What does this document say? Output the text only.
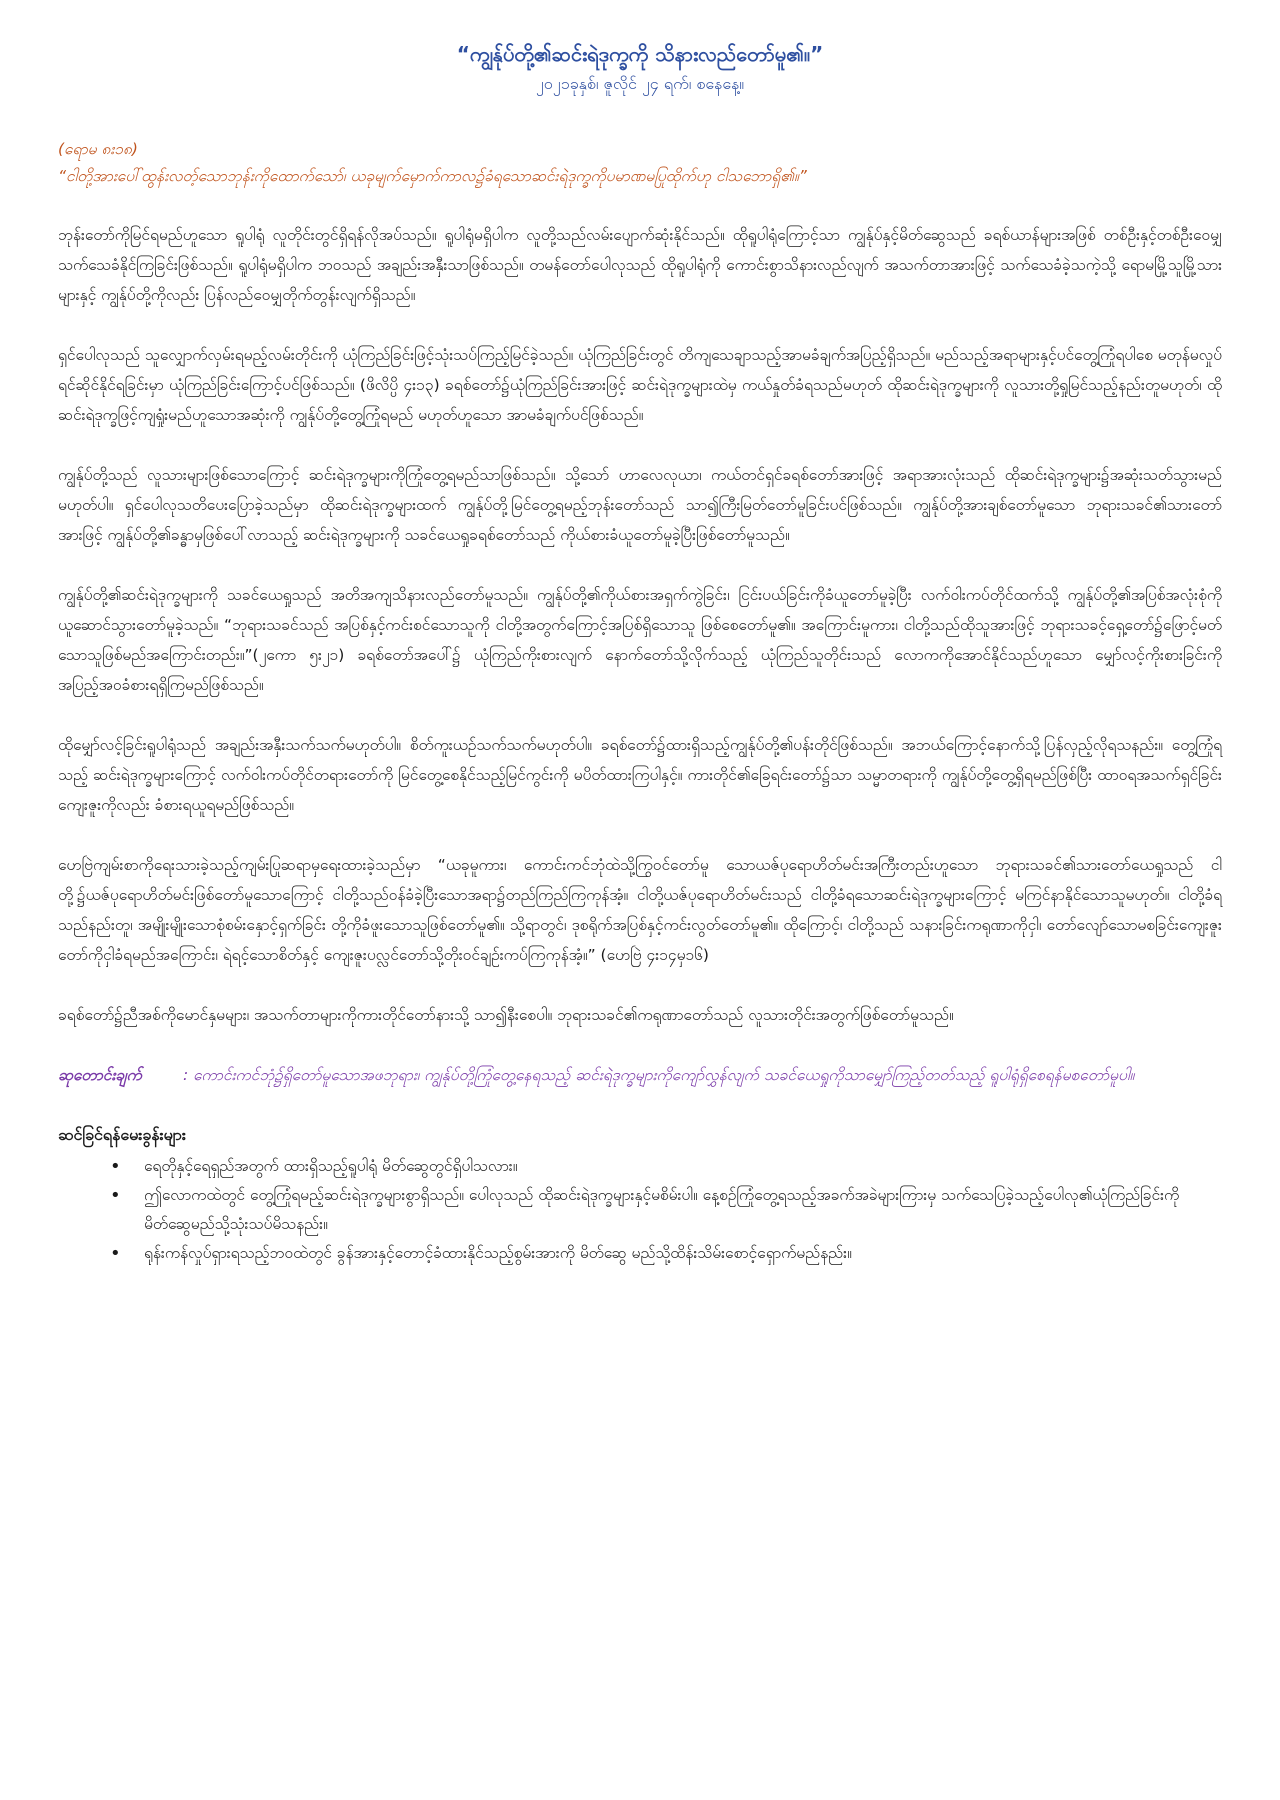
“ကျွန်ုပ်တို့၏ဆင်းရဲဒုက္ခကို သိနားလည်တော်မူ၏။”
၂၀၂၁ခုနှစ်၊ ဇူလိုင် ၂၄ ရက်၊ စနေနေ့။
(ရောမ ၈း၁၈)
“ငါတို့အားပေါ်ထွန်းလတ့်သောဘုန်းကိုထောက်သော်၊ ယခုမျက်မှောက်ကာလ၌ခံရသောဆင်းရဲဒုက္ခကိုပမာဏမပြုထိုက်ဟု ငါသဘောရှိ၏။”

ဘုန်းတော်ကိုမြင်ရမည်ဟူသော ရူပါရုံ လူတိုင်းတွင်ရှိရန်လိုအပ်သည်။ ရူပါရုံမရှိပါက လူတို့သည်လမ်းပျောက်ဆုံးနိုင်သည်။ ထိုရူပါရုံကြောင့်သာ ကျွန်ုပ်နှင့်မိတ်ဆွေသည် ခရစ်ယာန်များအဖြစ် တစ်ဦးနှင့်တစ်ဦးဝေမျှသက်သေခံနိုင်ကြခြင်းဖြစ်သည်။ ရူပါရုံမရှိပါက ဘဝသည် အချည်းအနှီးသာဖြစ်သည်။ တမန်တော်ပေါလုသည် ထိုရူပါရုံကို ကောင်းစွာသိနားလည်လျက် အသက်တာအားဖြင့် သက်သေခံခဲ့သကဲ့သို့ ရောမမြို့သူမြို့သားများနှင့် ကျွန်ုပ်တို့ကိုလည်း ပြန်လည်ဝေမျှတိုက်တွန်းလျက်ရှိသည်။

ရှင်ပေါလုသည် သူလျှောက်လှမ်းရမည့်လမ်းတိုင်းကို ယုံကြည်ခြင်းဖြင့်သုံးသပ်ကြည့်မြင်ခဲ့သည်။ ယုံကြည်ခြင်းတွင် တိကျသေချာသည့်အာမခံချက်အပြည့်ရှိသည်။ မည်သည့်အရာများနှင့်ပင်တွေ့ကြုံရပါစေ မတုန်မလှုပ်ရင်ဆိုင်နိုင်ရခြင်းမှာ ယုံကြည်ခြင်းကြောင့်ပင်ဖြစ်သည်။ (ဖိလိပ္ပိ ၄း၁၃) ခရစ်တော်၌ယုံကြည်ခြင်းအားဖြင့် ဆင်းရဲဒုက္ခများထဲမှ ကယ်နှုတ်ခံရသည်မဟုတ် ထိုဆင်းရဲဒုက္ခများကို လူသားတို့ရှုမြင်သည့်နည်းတူမဟုတ်၊ ထိုဆင်းရဲဒုက္ခဖြင့်ကျရှုံးမည်ဟူသောအဆုံးကို ကျွန်ုပ်တို့တွေ့ကြုံရမည် မဟုတ်ဟူသော အာမခံချက်ပင်ဖြစ်သည်။

ကျွန်ုပ်တို့သည် လူသားများဖြစ်သောကြောင့် ဆင်းရဲဒုက္ခများကိုကြုံတွေ့ရမည်သာဖြစ်သည်။ သို့သော် ဟာလေလုယာ၊ ကယ်တင်ရှင်ခရစ်တော်အားဖြင့် အရာအားလုံးသည် ထိုဆင်းရဲဒုက္ခများ၌အဆုံးသတ်သွားမည်မဟုတ်ပါ။ ရှင်ပေါလုသတိပေးပြောခဲ့သည်မှာ ထိုဆင်းရဲဒုက္ခများထက် ကျွန်ုပ်တို့မြင်တွေ့ရမည့်ဘုန်းတော်သည် သာ၍ကြီးမြတ်တော်မူခြင်းပင်ဖြစ်သည်။ ကျွန်ုပ်တို့အားချစ်တော်မူသော ဘုရားသခင်၏သားတော်အားဖြင့် ကျွန်ုပ်တို့၏ခန္ဓာမှဖြစ်ပေါ်လာသည့် ဆင်းရဲဒုက္ခများကို သခင်ယေရှုခရစ်တော်သည် ကိုယ်စားခံယူတော်မူခဲ့ပြီးဖြစ်တော်မူသည်။

ကျွန်ုပ်တို့၏ဆင်းရဲဒုက္ခများကို သခင်ယေရှုသည် အတိအကျသိနားလည်တော်မူသည်။ ကျွန်ုပ်တို့၏ကိုယ်စားအရှက်ကွဲခြင်း၊ ငြင်းပယ်ခြင်းကိုခံယူတော်မူခဲ့ပြီး လက်ဝါးကပ်တိုင်ထက်သို့ ကျွန်ုပ်တို့၏အပြစ်အလုံးစုံကိုယူဆောင်သွားတော်မူခဲ့သည်။ “ဘုရားသခင်သည် အပြစ်နှင့်ကင်းစင်သောသူကို ငါတို့အတွက်ကြောင့်အပြစ်ရှိသောသူ ဖြစ်စေတော်မူ၏။ အကြောင်းမူကား၊ ငါတို့သည်ထိုသူအားဖြင့် ဘုရားသခင့်ရှေ့တော်၌ဖြောင့်မတ်သောသူဖြစ်မည်အကြောင်းတည်း။”(၂ကော ၅း၂၁) ခရစ်တော်အပေါ်၌ ယုံကြည်ကိုးစားလျက် နောက်တော်သို့လိုက်သည့် ယုံကြည်သူတိုင်းသည် လောကကိုအောင်နိုင်သည်ဟူသော မျှော်လင့်ကိုးစားခြင်းကို အပြည့်အဝခံစားရရှိကြမည်ဖြစ်သည်။

ထိုမျှော်လင့်ခြင်းရူပါရုံသည် အချည်းအနှီးသက်သက်မဟုတ်ပါ။ စိတ်ကူးယဉ်သက်သက်မဟုတ်ပါ။ ခရစ်တော်၌ထားရှိသည့်ကျွန်ုပ်တို့၏ပန်းတိုင်ဖြစ်သည်။ အဘယ်ကြောင့်နောက်သို့ပြန်လှည့်လိုရသနည်း။ တွေ့ကြုံရသည့် ဆင်းရဲဒုက္ခများကြောင့် လက်ဝါးကပ်တိုင်တရားတော်ကို မြင်တွေ့စေနိုင်သည့်မြင်ကွင်းကို မပိတ်ထားကြပါနှင့်။ ကားတိုင်၏ခြေရင်းတော်၌သာ သမ္မာတရားကို ကျွန်ုပ်တို့တွေ့ရှိရမည်ဖြစ်ပြီး ထာဝရအသက်ရှင်ခြင်းကျေးဇူးကိုလည်း ခံစားရယူရမည်ဖြစ်သည်။

ဟေဗြဲကျမ်းစာကိုရေးသားခဲ့သည့်ကျမ်းပြုဆရာမှရေးထားခဲ့သည်မှာ “ယခုမူကား၊ ကောင်းကင်ဘုံထဲသို့ကြွဝင်တော်မူ သောယဇ်ပုရောဟိတ်မင်းအကြီးတည်းဟူသော ဘုရားသခင်၏သားတော်ယေရှုသည် ငါတို့၌ယဇ်ပုရောဟိတ်မင်းဖြစ်တော်မူသောကြောင့် ငါတို့သည်ဝန်ခံခဲ့ပြီးသောအရာ၌တည်ကြည်ကြကုန်အံ့။ ငါတို့ယဇ်ပုရောဟိတ်မင်းသည် ငါတို့ခံရသောဆင်းရဲဒုက္ခများကြောင့် မကြင်နာနိုင်သောသူမဟုတ်။ ငါတို့ခံရသည်နည်းတူ၊ အမျိုးမျိုးသောစုံစမ်းနှောင့်ရှက်ခြင်း တို့ကိုခံဖူးသောသူဖြစ်တော်မူ၏။ သို့ရာတွင်၊ ဒုစရိုက်အပြစ်နှင့်ကင်းလွတ်တော်မူ၏။ ထိုကြောင့်၊ ငါတို့သည် သနားခြင်းကရုဏာကိုငှါ၊ တော်လျော်သောမစခြင်းကျေးဇူးတော်ကိုငှါခံရမည်အကြောင်း၊ ရဲရင့်သောစိတ်နှင့် ကျေးဇူးပလ္လင်တော်သို့တိုးဝင်ချဉ်းကပ်ကြကုန်အံ့။” (ဟေဗြဲ ၄း၁၄မှ၁၆)

ခရစ်တော်၌ညီအစ်ကိုမောင်နှမများ၊ အသက်တာများကိုကားတိုင်တော်နားသို့ သာ၍နီးစေပါ။ ဘုရားသခင်၏ကရုဏာတော်သည် လူသားတိုင်းအတွက်ဖြစ်တော်မူသည်။

ဆုတောင်းချက်	: ကောင်းကင်ဘုံ၌ရှိတော်မူသောအဖဘုရား၊ ကျွန်ုပ်တို့ကြုံတွေ့နေရသည့် ဆင်းရဲဒုက္ခများကိုကျော်လွှန်လျက် သခင်ယေရှုကိုသာမျှော်ကြည့်တတ်သည့် ရူပါရုံရှိစေရန်မစတော်မူပါ။
ဆင်ခြင်ရန်မေးခွန်းများ
• ရေတိုနှင့်ရေရှည်အတွက် ထားရှိသည့်ရူပါရုံ မိတ်ဆွေတွင်ရှိပါသလား။
• ဤလောကထဲတွင် တွေ့ကြုံရမည့်ဆင်းရဲဒုက္ခများစွာရှိသည်။ ပေါလုသည် ထိုဆင်းရဲဒုက္ခများနှင့်မစိမ်းပါ။ နေ့စဉ်ကြုံတွေ့ရသည့်အခက်အခဲများကြားမှ သက်သေပြခဲ့သည့်ပေါလု၏ယုံကြည်ခြင်းကို မိတ်ဆွေမည်သို့သုံးသပ်မိသနည်း။
• ရုန်းကန်လှုပ်ရှားရသည့်ဘဝထဲတွင် ခွန်အားနှင့်တောင့်ခံထားနိုင်သည့်စွမ်းအားကို မိတ်ဆွေ မည်သို့ထိန်းသိမ်းစောင့်ရှောက်မည်နည်း။
